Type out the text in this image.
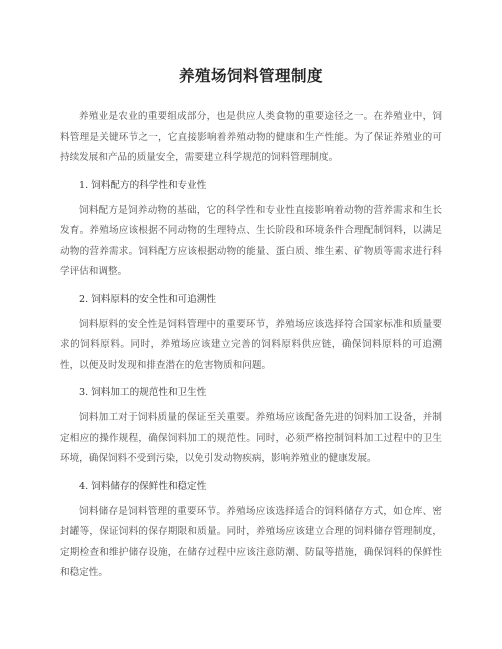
养殖场饲料管理制度

养殖业是农业的重要组成部分，也是供应人类食物的重要途径之一。在养殖业中，饲料管理是关键环节之一，它直接影响着养殖动物的健康和生产性能。为了保证养殖业的可持续发展和产品的质量安全，需要建立科学规范的饲料管理制度。

1. 饲料配方的科学性和专业性

饲料配方是饲养动物的基础，它的科学性和专业性直接影响着动物的营养需求和生长发育。养殖场应该根据不同动物的生理特点、生长阶段和环境条件合理配制饲料，以满足动物的营养需求。饲料配方应该根据动物的能量、蛋白质、维生素、矿物质等需求进行科学评估和调整。

2. 饲料原料的安全性和可追溯性

饲料原料的安全性是饲料管理中的重要环节，养殖场应该选择符合国家标准和质量要求的饲料原料。同时，养殖场应该建立完善的饲料原料供应链，确保饲料原料的可追溯性，以便及时发现和排查潜在的危害物质和问题。

3. 饲料加工的规范性和卫生性

饲料加工对于饲料质量的保证至关重要。养殖场应该配备先进的饲料加工设备，并制定相应的操作规程，确保饲料加工的规范性。同时，必须严格控制饲料加工过程中的卫生环境，确保饲料不受到污染，以免引发动物疾病，影响养殖业的健康发展。

4. 饲料储存的保鲜性和稳定性

饲料储存是饲料管理的重要环节。养殖场应该选择适合的饲料储存方式，如仓库、密封罐等，保证饲料的保存期限和质量。同时，养殖场应该建立合理的饲料储存管理制度，定期检查和维护储存设施，在储存过程中应该注意防潮、防鼠等措施，确保饲料的保鲜性和稳定性。
